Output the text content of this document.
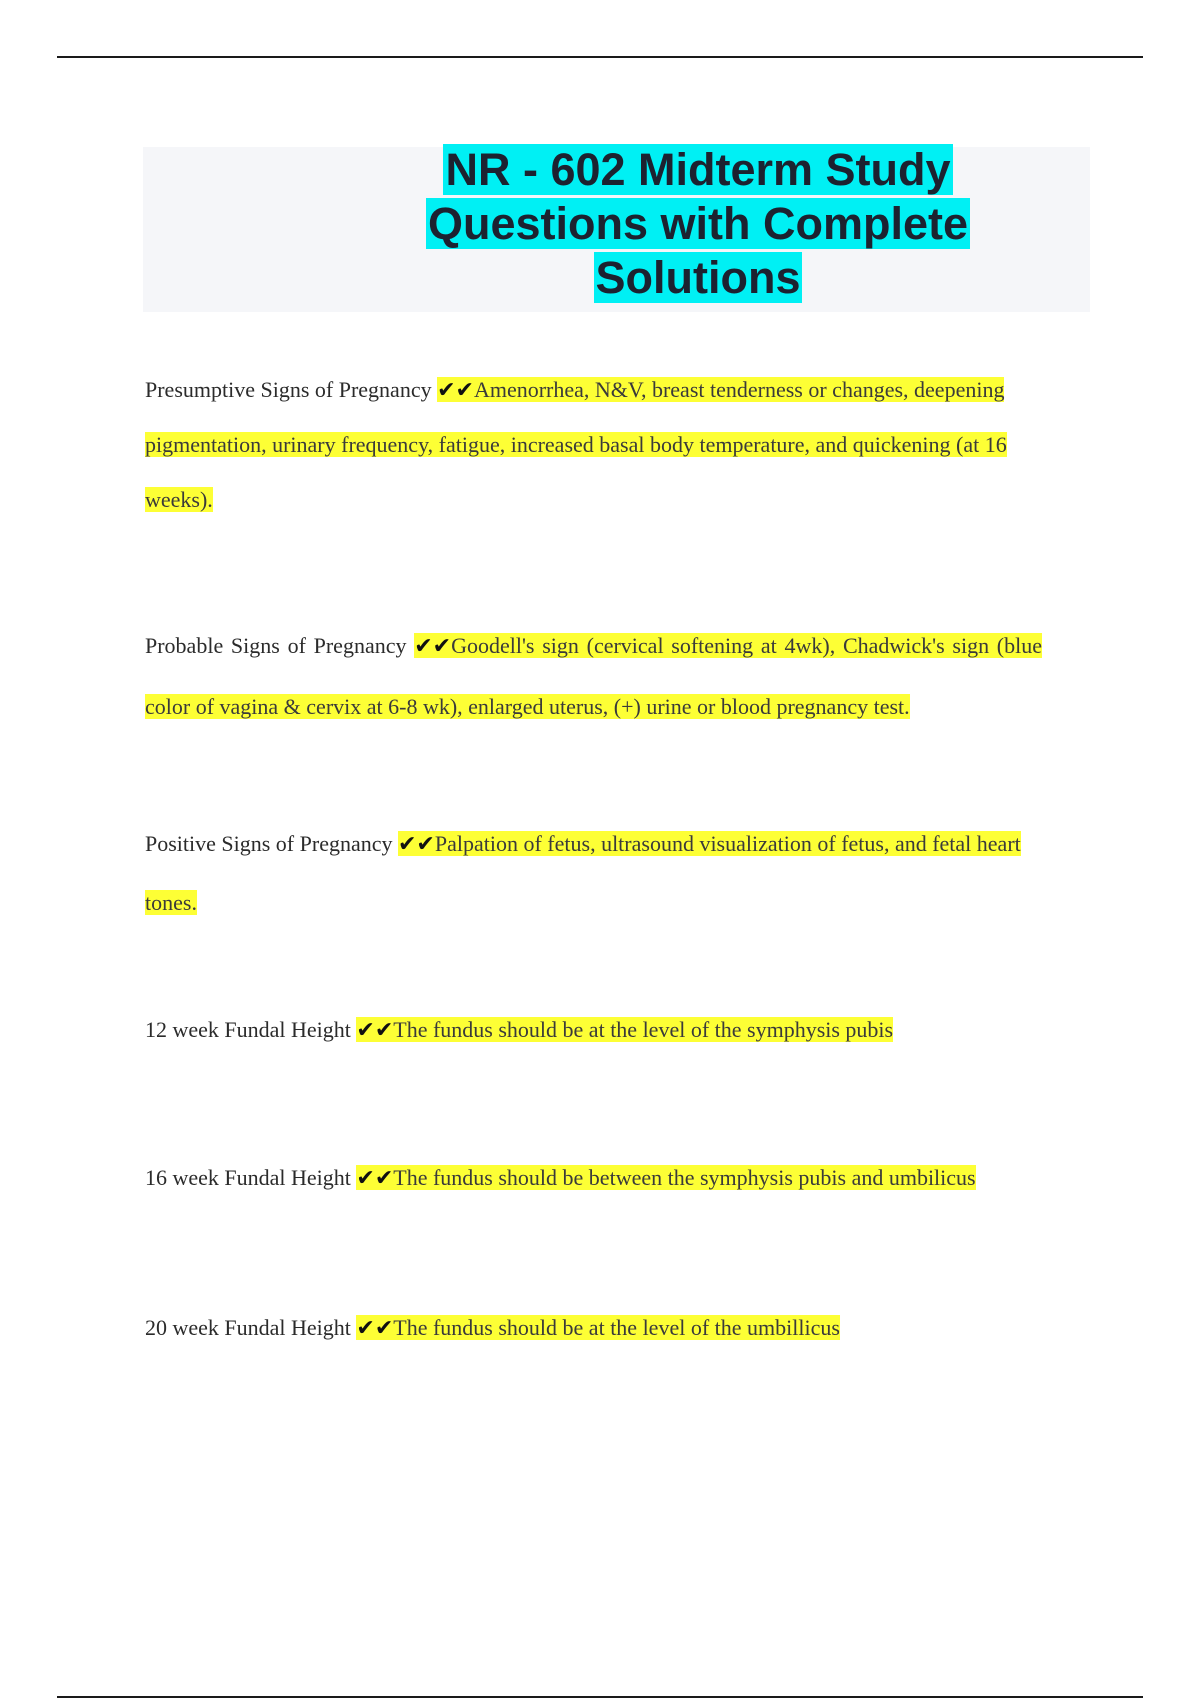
NR - 602 Midterm Study
Questions with Complete
Solutions

Presumptive Signs of Pregnancy ✔✔Amenorrhea, N&V, breast tenderness or changes, deepening pigmentation, urinary frequency, fatigue, increased basal body temperature, and quickening (at 16 weeks).

Probable Signs of Pregnancy ✔✔Goodell's sign (cervical softening at 4wk), Chadwick's sign (blue color of vagina & cervix at 6-8 wk), enlarged uterus, (+) urine or blood pregnancy test.

Positive Signs of Pregnancy ✔✔Palpation of fetus, ultrasound visualization of fetus, and fetal heart tones.

12 week Fundal Height ✔✔The fundus should be at the level of the symphysis pubis

16 week Fundal Height ✔✔The fundus should be between the symphysis pubis and umbilicus

20 week Fundal Height ✔✔The fundus should be at the level of the umbillicus
